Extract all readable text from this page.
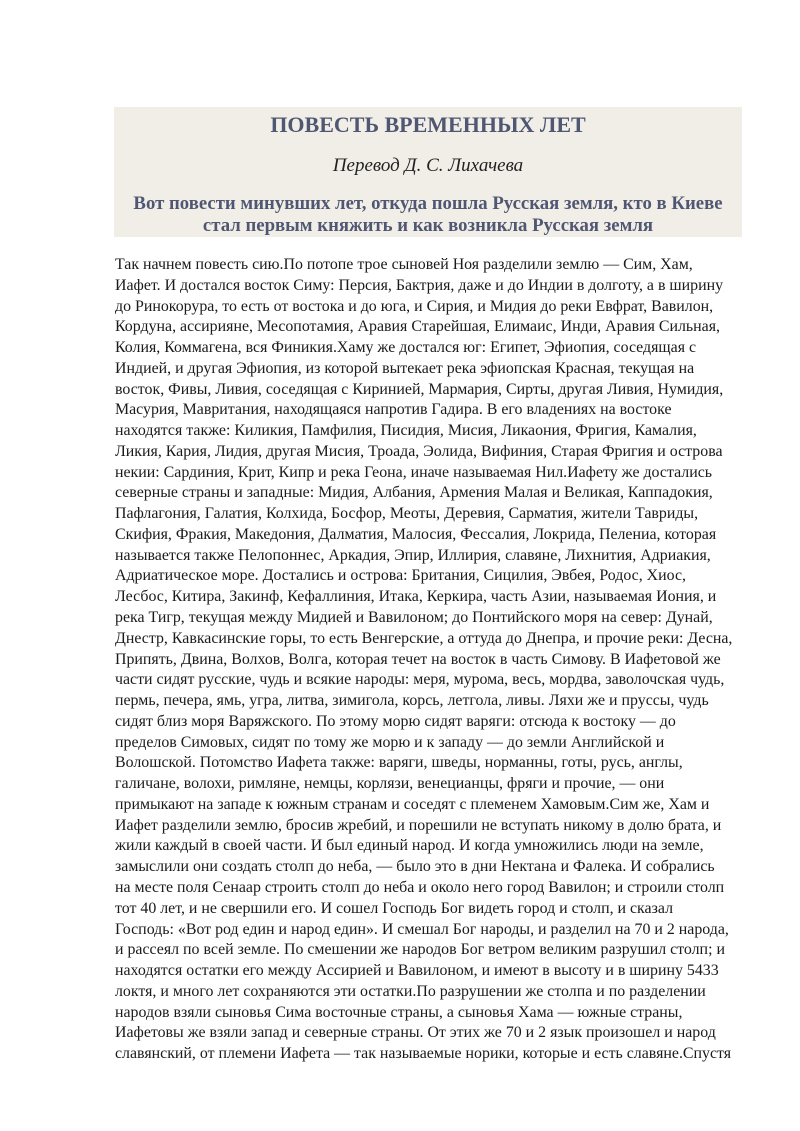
ПОВЕСТЬ ВРЕМЕННЫХ ЛЕТ

Перевод Д. С. Лихачева

Вот повести минувших лет, откуда пошла Русская земля, кто в Киеве
стал первым княжить и как возникла Русская земля
Так начнем повесть сию.По потопе трое сыновей Ноя разделили землю — Сим, Хам,
Иафет. И достался восток Симу: Персия, Бактрия, даже и до Индии в долготу, а в ширину
до Ринокорура, то есть от востока и до юга, и Сирия, и Мидия до реки Евфрат, Вавилон,
Кордуна, ассирияне, Месопотамия, Аравия Старейшая, Елимаис, Инди, Аравия Сильная,
Колия, Коммагена, вся Финикия.Хаму же достался юг: Египет, Эфиопия, соседящая с
Индией, и другая Эфиопия, из которой вытекает река эфиопская Красная, текущая на
восток, Фивы, Ливия, соседящая с Киринией, Мармария, Сирты, другая Ливия, Нумидия,
Масурия, Мавритания, находящаяся напротив Гадира. В его владениях на востоке
находятся также: Киликия, Памфилия, Писидия, Мисия, Ликаония, Фригия, Камалия,
Ликия, Кария, Лидия, другая Мисия, Троада, Эолида, Вифиния, Старая Фригия и острова
некии: Сардиния, Крит, Кипр и река Геона, иначе называемая Нил.Иафету же достались
северные страны и западные: Мидия, Албания, Армения Малая и Великая, Каппадокия,
Пафлагония, Галатия, Колхида, Босфор, Меоты, Деревия, Сарматия, жители Тавриды,
Скифия, Фракия, Македония, Далматия, Малосия, Фессалия, Локрида, Пелениа, которая
называется также Пелопоннес, Аркадия, Эпир, Иллирия, славяне, Лихнития, Адриакия,
Адриатическое море. Достались и острова: Британия, Сицилия, Эвбея, Родос, Хиос,
Лесбос, Китира, Закинф, Кефаллиния, Итака, Керкира, часть Азии, называемая Иония, и
река Тигр, текущая между Мидией и Вавилоном; до Понтийского моря на север: Дунай,
Днестр, Кавкасинские горы, то есть Венгерские, а оттуда до Днепра, и прочие реки: Десна,
Припять, Двина, Волхов, Волга, которая течет на восток в часть Симову. В Иафетовой же
части сидят русские, чудь и всякие народы: меря, мурома, весь, мордва, заволочская чудь,
пермь, печера, ямь, угра, литва, зимигола, корсь, летгола, ливы. Ляхи же и пруссы, чудь
сидят близ моря Варяжского. По этому морю сидят варяги: отсюда к востоку — до
пределов Симовых, сидят по тому же морю и к западу — до земли Английской и
Волошской. Потомство Иафета также: варяги, шведы, норманны, готы, русь, англы,
галичане, волохи, римляне, немцы, корлязи, венецианцы, фряги и прочие, — они
примыкают на западе к южным странам и соседят с племенем Хамовым.Сим же, Хам и
Иафет разделили землю, бросив жребий, и порешили не вступать никому в долю брата, и
жили каждый в своей части. И был единый народ. И когда умножились люди на земле,
замыслили они создать столп до неба, — было это в дни Нектана и Фалека. И собрались
на месте поля Сенаар строить столп до неба и около него город Вавилон; и строили столп
тот 40 лет, и не свершили его. И сошел Господь Бог видеть город и столп, и сказал
Господь: «Вот род един и народ един». И смешал Бог народы, и разделил на 70 и 2 народа,
и рассеял по всей земле. По смешении же народов Бог ветром великим разрушил столп; и
находятся остатки его между Ассирией и Вавилоном, и имеют в высоту и в ширину 5433
локтя, и много лет сохраняются эти остатки.По разрушении же столпа и по разделении
народов взяли сыновья Сима восточные страны, а сыновья Хама — южные страны,
Иафетовы же взяли запад и северные страны. От этих же 70 и 2 язык произошел и народ
славянский, от племени Иафета — так называемые норики, которые и есть славяне.Спустя
